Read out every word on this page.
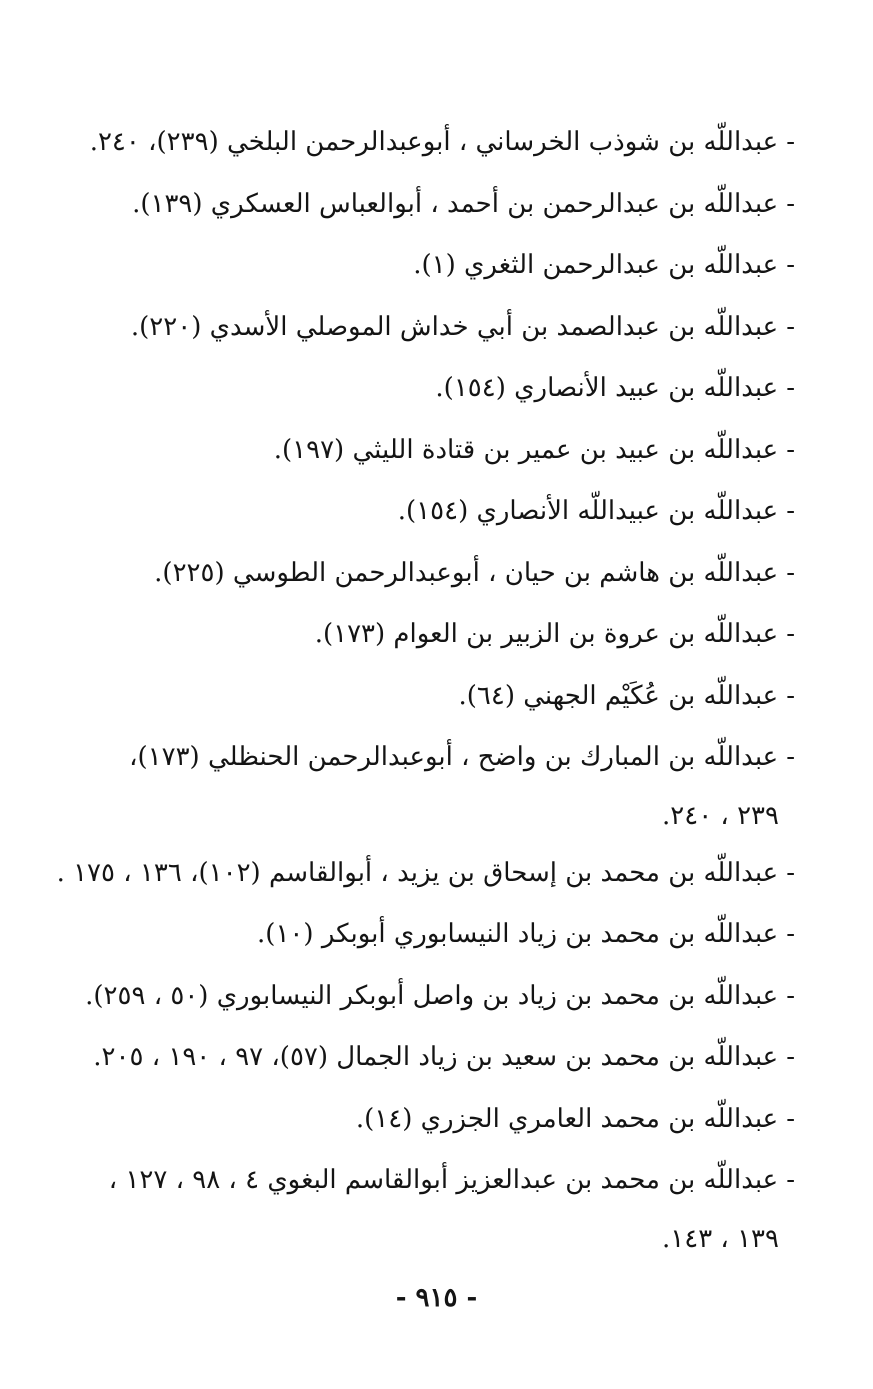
-عبداللّه بن شوذب الخرساني ، أبوعبدالرحمن البلخي (٢٣٩)، ٢٤٠.
-عبداللّه بن عبدالرحمن بن أحمد ، أبوالعباس العسكري (١٣٩).
-عبداللّه بن عبدالرحمن الثغري (١).
-عبداللّه بن عبدالصمد بن أبي خداش الموصلي الأسدي (٢٢٠).
-عبداللّه بن عبيد الأنصاري (١٥٤).
-عبداللّه بن عبيد بن عمير بن قتادة الليثي (١٩٧).
-عبداللّه بن عبيداللّه الأنصاري (١٥٤).
-عبداللّه بن هاشم بن حيان ، أبوعبدالرحمن الطوسي (٢٢٥).
-عبداللّه بن عروة بن الزبير بن العوام (١٧٣).
-عبداللّه بن عُكَيْم الجهني (٦٤).
-عبداللّه بن المبارك بن واضح ، أبوعبدالرحمن الحنظلي (١٧٣)،
٢٣٩ ، ٢٤٠.
-عبداللّه بن محمد بن إسحاق بن يزيد ، أبوالقاسم (١٠٢)، ١٣٦ ، ١٧٥ .
-عبداللّه بن محمد بن زياد النيسابوري أبوبكر (١٠).
-عبداللّه بن محمد بن زياد بن واصل أبوبكر النيسابوري (٥٠ ، ٢٥٩).
-عبداللّه بن محمد بن سعيد بن زياد الجمال (٥٧)، ٩٧ ، ١٩٠ ، ٢٠٥.
-عبداللّه بن محمد العامري الجزري (١٤).
-عبداللّه بن محمد بن عبدالعزيز أبوالقاسم البغوي ٤ ، ٩٨ ، ١٢٧ ،
١٣٩ ، ١٤٣.
- ٩١٥ -
